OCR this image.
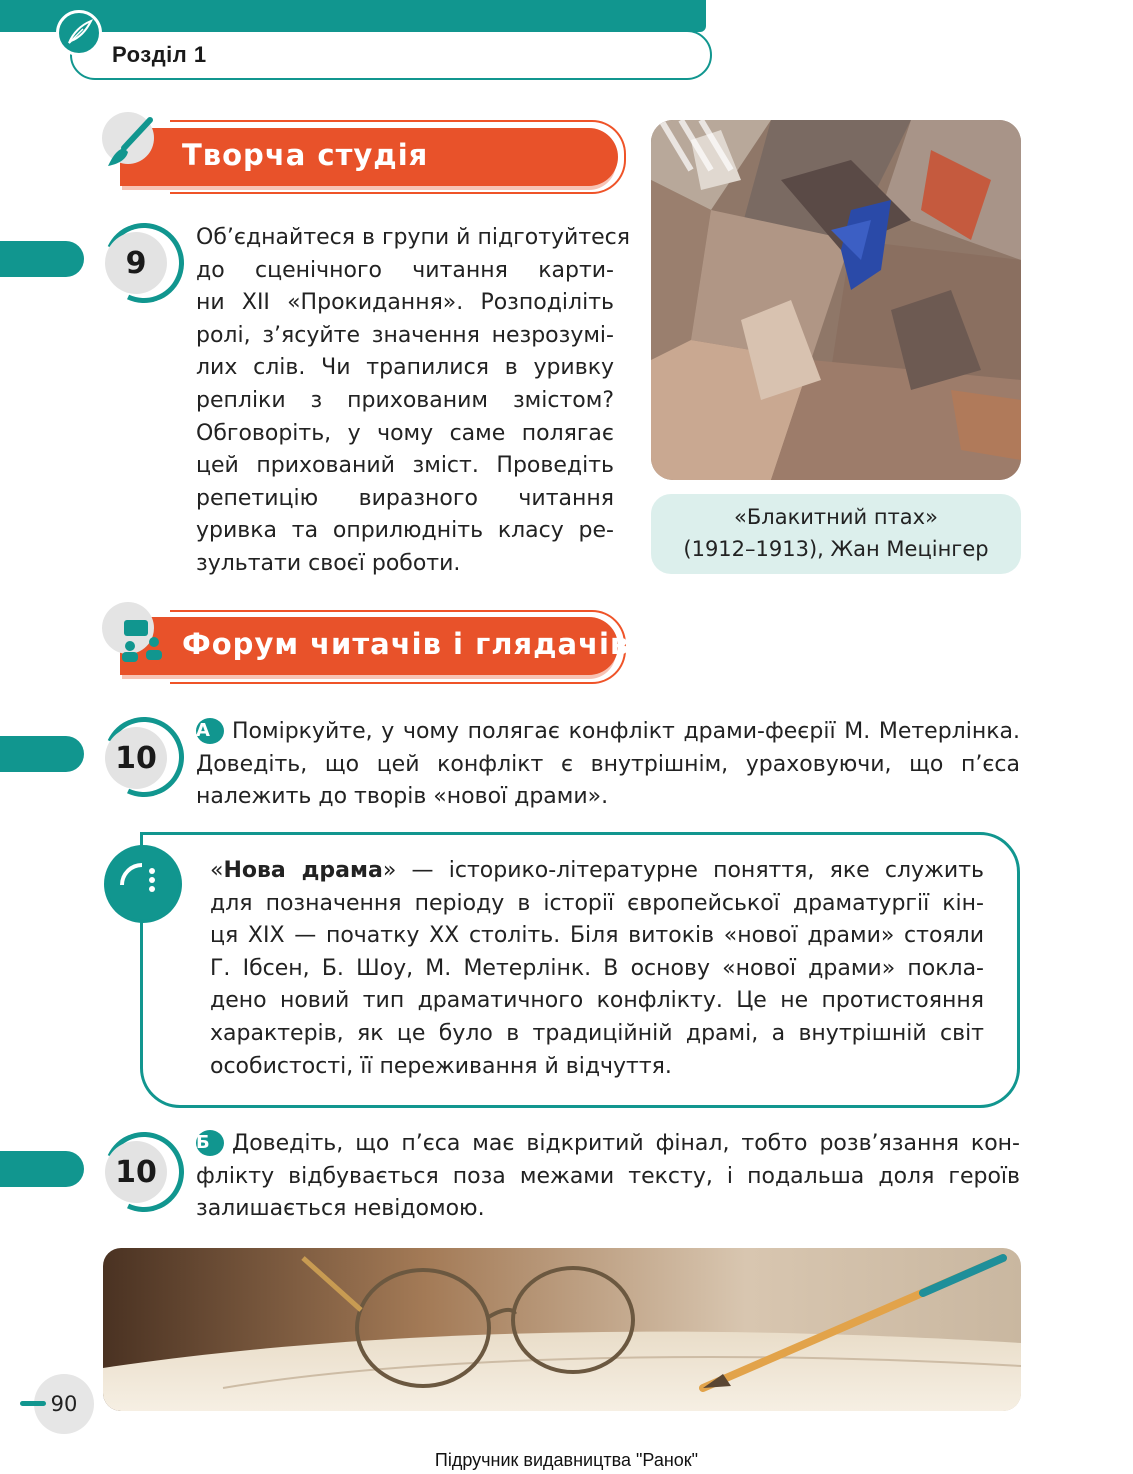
Розділ 1
Творча студія
9
Об’єднайтеся в групи й підготуйтеся
до сценічного читання карти-
ни XII «Прокидання». Розподіліть
ролі, з’ясуйте значення незрозумі-
лих слів. Чи трапилися в уривку
репліки з прихованим змістом?
Обговоріть, у чому саме полягає
цей прихований зміст. Проведіть
репетицію виразного читання
уривка та оприлюдніть класу ре-
зультати своєї роботи.
«Блакитний птах»
(1912–1913), Жан Мецінгер
Форум читачів і глядачів
10
А Поміркуйте, у чому полягає конфлікт драми-феєрії М. Метерлінка.
Доведіть, що цей конфлікт є внутрішнім, ураховуючи, що п’єса
належить до творів «нової драми».
«Нова драма» — історико-літературне поняття, яке служить
для позначення періоду в історії європейської драматургії кін-
ця XIX — початку XX століть. Біля витоків «нової драми» стояли
Г. Ібсен, Б. Шоу, М. Метерлінк. В основу «нової драми» покла-
дено новий тип драматичного конфлікту. Це не протистояння
характерів, як це було в традиційній драмі, а внутрішній світ
особистості, її переживання й відчуття.
10
Б Доведіть, що п’єса має відкритий фінал, тобто розв’язання кон-
флікту відбувається поза межами тексту, і подальша доля героїв
залишається невідомою.
90
Підручник видавництва "Ранок"
